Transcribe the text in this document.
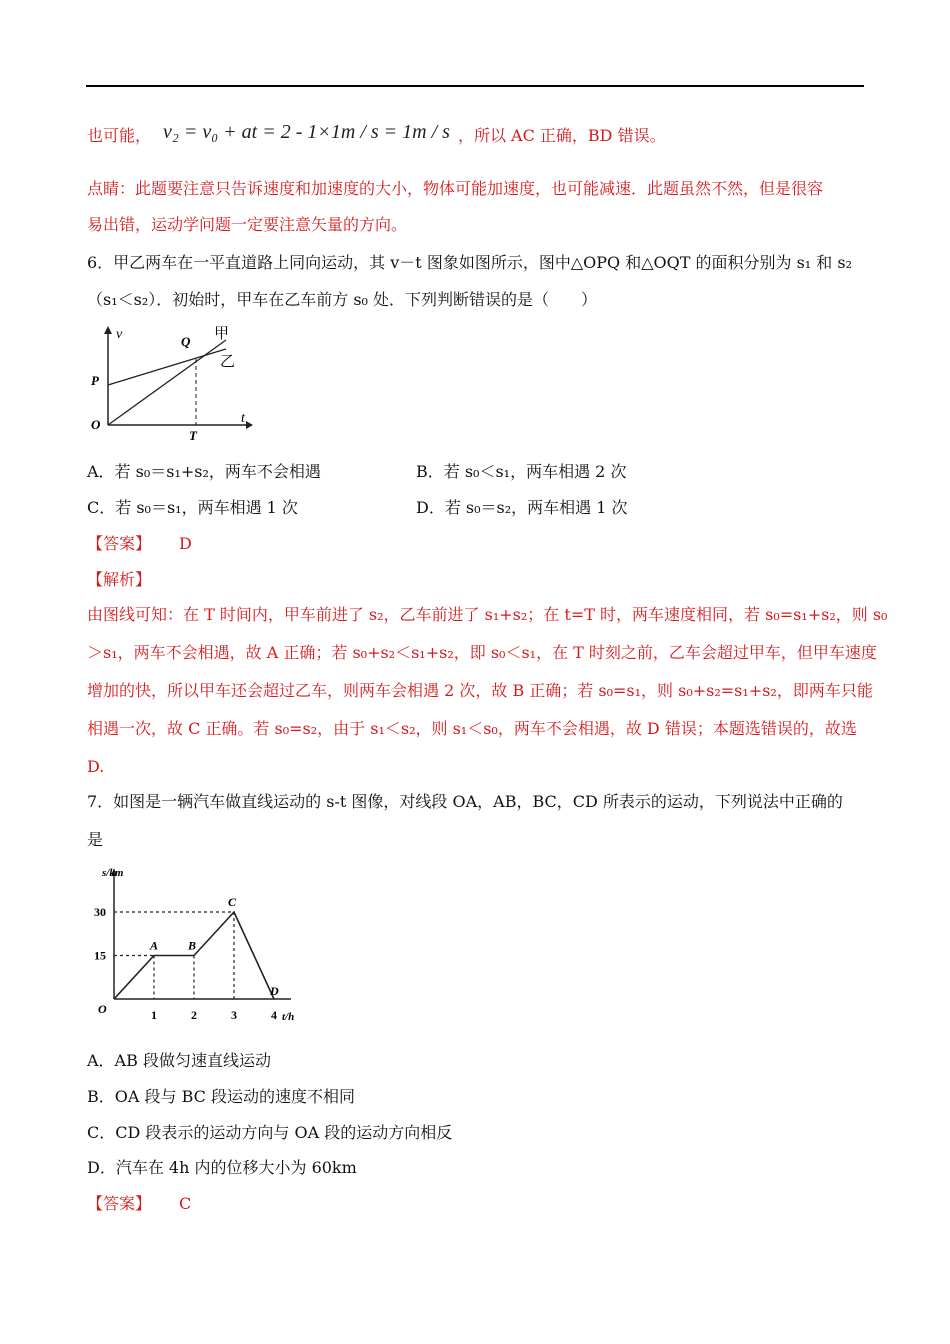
也可能， v₂ = v₀ + at = 2 - 1×1m / s = 1m / s ，所以 AC 正确，BD 错误。
点睛：此题要注意只告诉速度和加速度的大小，物体可能加速度，也可能减速．此题虽然不然，但是很容
易出错，运动学问题一定要注意矢量的方向。
6．甲乙两车在一平直道路上同向运动，其 v－t 图象如图所示，图中△OPQ 和△OQT 的面积分别为 s₁ 和 s₂
（s₁＜s₂）．初始时，甲车在乙车前方 s₀ 处．下列判断错误的是（　　）
v
t
O
P
Q
T
甲
乙
A．若 s₀＝s₁+s₂，两车不会相遇	B．若 s₀＜s₁，两车相遇 2 次
C．若 s₀＝s₁，两车相遇 1 次	D．若 s₀＝s₂，两车相遇 1 次
【答案】 D
【解析】
由图线可知：在 T 时间内，甲车前进了 s₂，乙车前进了 s₁+s₂；在 t=T 时，两车速度相同，若 s₀=s₁+s₂，则 s₀
＞s₁，两车不会相遇，故 A 正确；若 s₀+s₂＜s₁+s₂，即 s₀＜s₁，在 T 时刻之前，乙车会超过甲车，但甲车速度
增加的快，所以甲车还会超过乙车，则两车会相遇 2 次，故 B 正确；若 s₀=s₁，则 s₀+s₂=s₁+s₂，即两车只能
相遇一次，故 C 正确。若 s₀=s₂，由于 s₁＜s₂，则 s₁＜s₀，两车不会相遇，故 D 错误；本题选错误的，故选
D.
7．如图是一辆汽车做直线运动的 s-t 图像，对线段 OA，AB，BC，CD 所表示的运动，下列说法中正确的
是
s/km
t/h
1	2	3	4
15
30
O
A B
C
D
A．AB 段做匀速直线运动
B．OA 段与 BC 段运动的速度不相同
C．CD 段表示的运动方向与 OA 段的运动方向相反
D．汽车在 4h 内的位移大小为 60km
【答案】 C
